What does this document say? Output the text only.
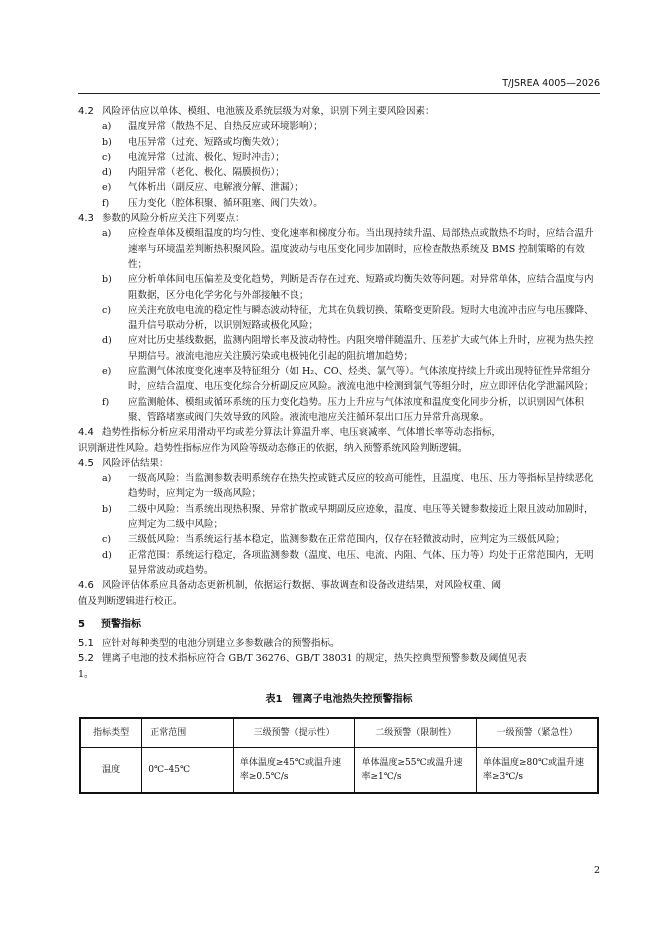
T/JSREA 4005—2026
4.2 风险评估应以单体、模组、电池簇及系统层级为对象，识别下列主要风险因素：
a) 温度异常（散热不足、自热反应或环境影响）；
b) 电压异常（过充、短路或均衡失效）；
c) 电流异常（过流、极化、短时冲击）；
d) 内阻异常（老化、极化、隔膜损伤）；
e) 气体析出（副反应、电解液分解、泄漏）；
f) 压力变化（腔体积聚、循环阻塞、阀门失效）。
4.3 参数的风险分析应关注下列要点：
a) 应检查单体及模组温度的均匀性、变化速率和梯度分布。当出现持续升温、局部热点或散热不均时，应结合温升速率与环境温差判断热积聚风险。温度波动与电压变化同步加剧时，应检查散热系统及 BMS 控制策略的有效性；
b) 应分析单体间电压偏差及变化趋势，判断是否存在过充、短路或均衡失效等问题。对异常单体，应结合温度与内阻数据，区分电化学劣化与外部接触不良；
c) 应关注充放电电流的稳定性与瞬态波动特征，尤其在负载切换、策略变更阶段。短时大电流冲击应与电压骤降、温升信号联动分析，以识别短路或极化风险；
d) 应对比历史基线数据，监测内阻增长率及波动特性。内阻突增伴随温升、压差扩大或气体上升时，应视为热失控早期信号。液流电池应关注膜污染或电极钝化引起的阻抗增加趋势；
e) 应监测气体浓度变化速率及特征组分（如 H₂、CO、烃类、氯气等）。气体浓度持续上升或出现特征性异常组分时，应结合温度、电压变化综合分析副反应风险。液流电池中检测到氯气等组分时，应立即评估化学泄漏风险；
f) 应监测舱体、模组或循环系统的压力变化趋势。压力上升应与气体浓度和温度变化同步分析，以识别因气体积聚、管路堵塞或阀门失效导致的风险。液流电池应关注循环泵出口压力异常升高现象。
4.4 趋势性指标分析应采用滑动平均或差分算法计算温升率、电压衰减率、气体增长率等动态指标，
识别渐进性风险。趋势性指标应作为风险等级动态修正的依据，纳入预警系统风险判断逻辑。
4.5 风险评估结果：
a) 一级高风险：当监测参数表明系统存在热失控或链式反应的较高可能性，且温度、电压、压力等指标呈持续恶化趋势时，应判定为一级高风险；
b) 二级中风险：当系统出现热积聚、异常扩散或早期副反应迹象，温度、电压等关键参数接近上限且波动加剧时，应判定为二级中风险；
c) 三级低风险：当系统运行基本稳定，监测参数在正常范围内，仅存在轻微波动时，应判定为三级低风险；
d) 正常范围：系统运行稳定，各项监测参数（温度、电压、电流、内阻、气体、压力等）均处于正常范围内，无明显异常波动或趋势。
4.6 风险评估体系应具备动态更新机制，依据运行数据、事故调查和设备改进结果，对风险权重、阈
值及判断逻辑进行校正。
5 预警指标
5.1 应针对每种类型的电池分别建立多参数融合的预警指标。
5.2 锂离子电池的技术指标应符合 GB/T 36276、GB/T 38031 的规定，热失控典型预警参数及阈值见表
1。
表1　锂离子电池热失控预警指标
指标类型	正常范围	三级预警（提示性）	二级预警（限制性）	一级预警（紧急性）
温度	0℃–45℃	单体温度≥45℃或温升速率≥0.5℃/s	单体温度≥55℃或温升速率≥1℃/s	单体温度≥80℃或温升速率≥3℃/s
2
